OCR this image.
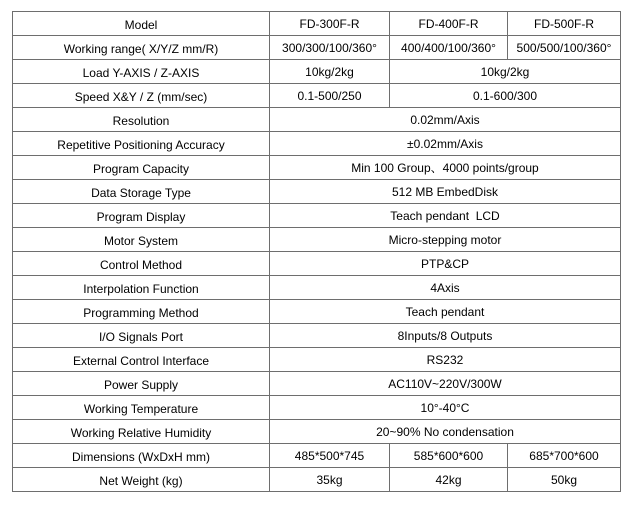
Model	FD-300F-R	FD-400F-R	FD-500F-R
Working range( X/Y/Z mm/R)	300/300/100/360°	400/400/100/360°	500/500/100/360°
Load Y-AXIS / Z-AXIS	10kg/2kg	10kg/2kg	
Speed X&Y / Z (mm/sec)	0.1-500/250	0.1-600/300	
Resolution	0.02mm/Axis		
Repetitive Positioning Accuracy	±0.02mm/Axis		
Program Capacity	Min 100 Group、4000 points/group		
Data Storage Type	512 MB EmbedDisk		
Program Display	Teach pendant  LCD		
Motor System	Micro-stepping motor		
Control Method	PTP&CP		
Interpolation Function	4Axis		
Programming Method	Teach pendant		
I/O Signals Port	8Inputs/8 Outputs		
External Control Interface	RS232		
Power Supply	AC110V~220V/300W		
Working Temperature	10°-40°C		
Working Relative Humidity	20~90% No condensation		
Dimensions (WxDxH mm)	485*500*745	585*600*600	685*700*600
Net Weight (kg)	35kg	42kg	50kg
